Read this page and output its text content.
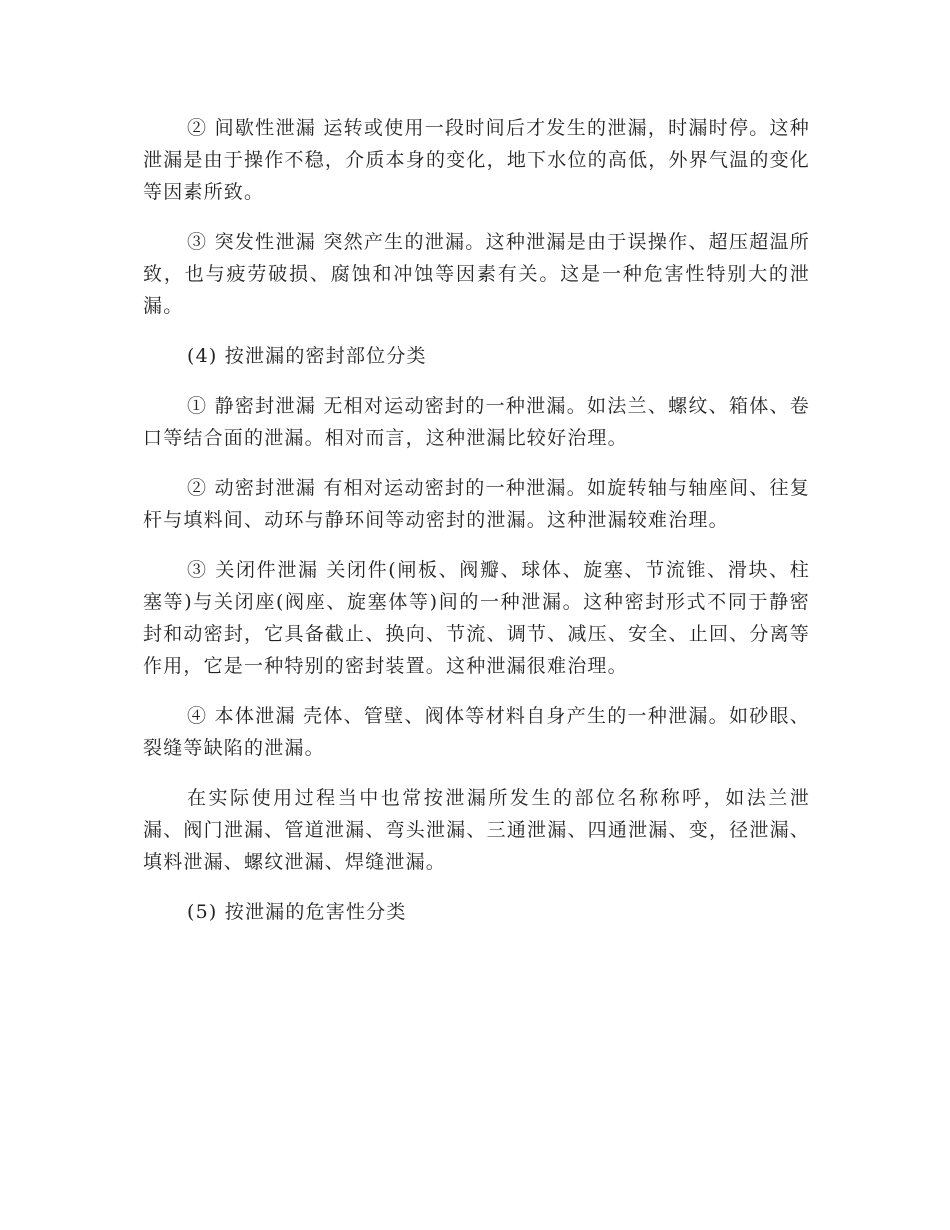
② 间歇性泄漏 运转或使用一段时间后才发生的泄漏，时漏时停。这种泄漏是由于操作不稳，介质本身的变化，地下水位的高低，外界气温的变化等因素所致。

③ 突发性泄漏 突然产生的泄漏。这种泄漏是由于误操作、超压超温所致，也与疲劳破损、腐蚀和冲蚀等因素有关。这是一种危害性特别大的泄漏。

(4) 按泄漏的密封部位分类

① 静密封泄漏 无相对运动密封的一种泄漏。如法兰、螺纹、箱体、卷口等结合面的泄漏。相对而言，这种泄漏比较好治理。

② 动密封泄漏 有相对运动密封的一种泄漏。如旋转轴与轴座间、往复杆与填料间、动环与静环间等动密封的泄漏。这种泄漏较难治理。

③ 关闭件泄漏 关闭件(闸板、阀瓣、球体、旋塞、节流锥、滑块、柱塞等)与关闭座(阀座、旋塞体等)间的一种泄漏。这种密封形式不同于静密封和动密封，它具备截止、换向、节流、调节、减压、安全、止回、分离等作用，它是一种特别的密封装置。这种泄漏很难治理。

④ 本体泄漏 壳体、管壁、阀体等材料自身产生的一种泄漏。如砂眼、裂缝等缺陷的泄漏。

在实际使用过程当中也常按泄漏所发生的部位名称称呼，如法兰泄漏、阀门泄漏、管道泄漏、弯头泄漏、三通泄漏、四通泄漏、变，径泄漏、填料泄漏、螺纹泄漏、焊缝泄漏。

(5) 按泄漏的危害性分类
